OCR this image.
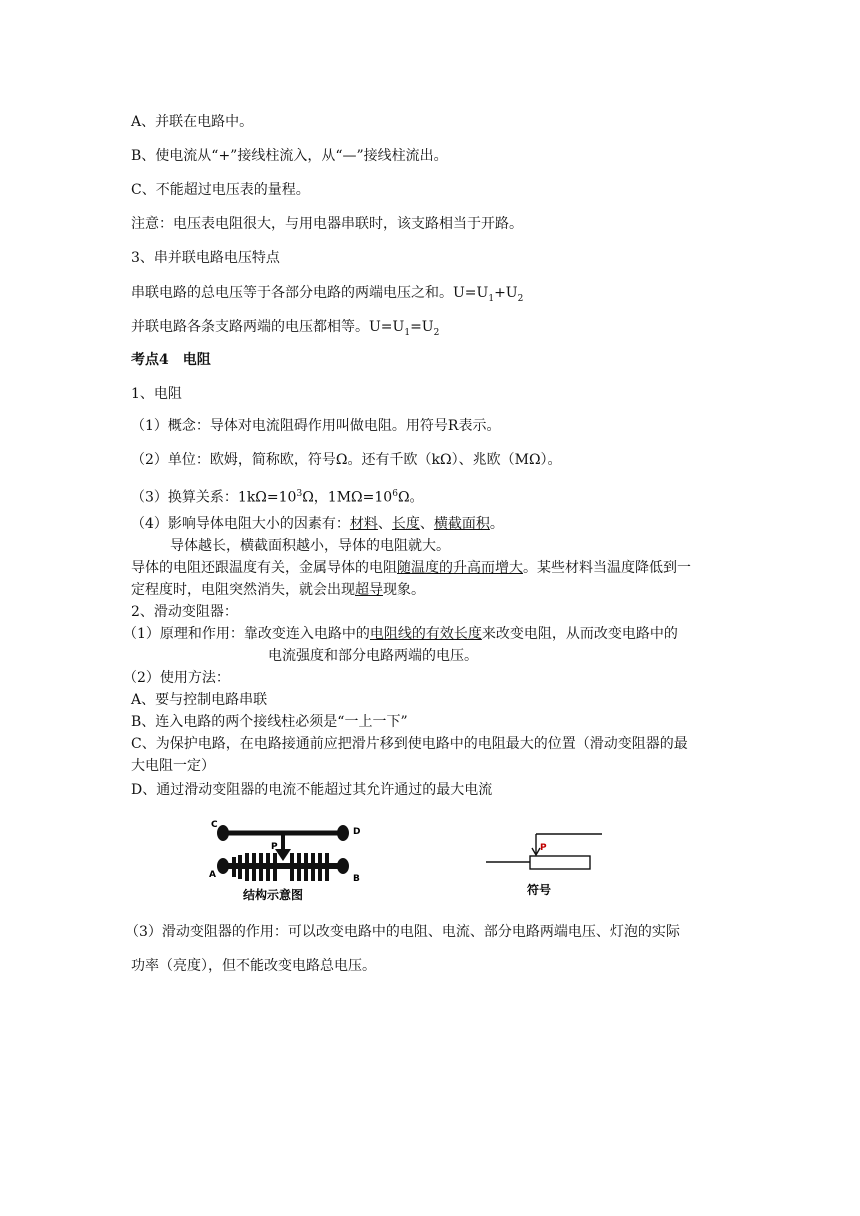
A、并联在电路中。
B、使电流从“+”接线柱流入，从“—”接线柱流出。
C、不能超过电压表的量程。
注意：电压表电阻很大，与用电器串联时，该支路相当于开路。
3、串并联电路电压特点
串联电路的总电压等于各部分电路的两端电压之和。$U=U_1+U_2$
并联电路各条支路两端的电压都相等。$U=U_1=U_2$
考点4　电阻
1、电阻
（1）概念：导体对电流阻碍作用叫做电阻。用符号R表示。
（2）单位：欧姆，简称欧，符号Ω。还有千欧（kΩ）、兆欧（MΩ）。
（3）换算关系：$1k\Omega=10^3\Omega$，$1M\Omega=10^6\Omega$。
（4）影响导体电阻大小的因素有：材料、长度、横截面积。
导体越长，横截面积越小，导体的电阻就大。
导体的电阻还跟温度有关，金属导体的电阻随温度的升高而增大。某些材料当温度降低到一
定程度时，电阻突然消失，就会出现超导现象。
2、滑动变阻器：
（1）原理和作用：靠改变连入电路中的电阻线的有效长度来改变电阻，从而改变电路中的
电流强度和部分电路两端的电压。
（2）使用方法：
A、要与控制电路串联
B、连入电路的两个接线柱必须是“一上一下”
C、为保护电路，在电路接通前应把滑片移到使电路中的电阻最大的位置（滑动变阻器的最
大电阻一定）
D、通过滑动变阻器的电流不能超过其允许通过的最大电流
C
D
A	B
P
结构示意图
P
符号
（3）滑动变阻器的作用：可以改变电路中的电阻、电流、部分电路两端电压、灯泡的实际
功率（亮度），但不能改变电路总电压。
